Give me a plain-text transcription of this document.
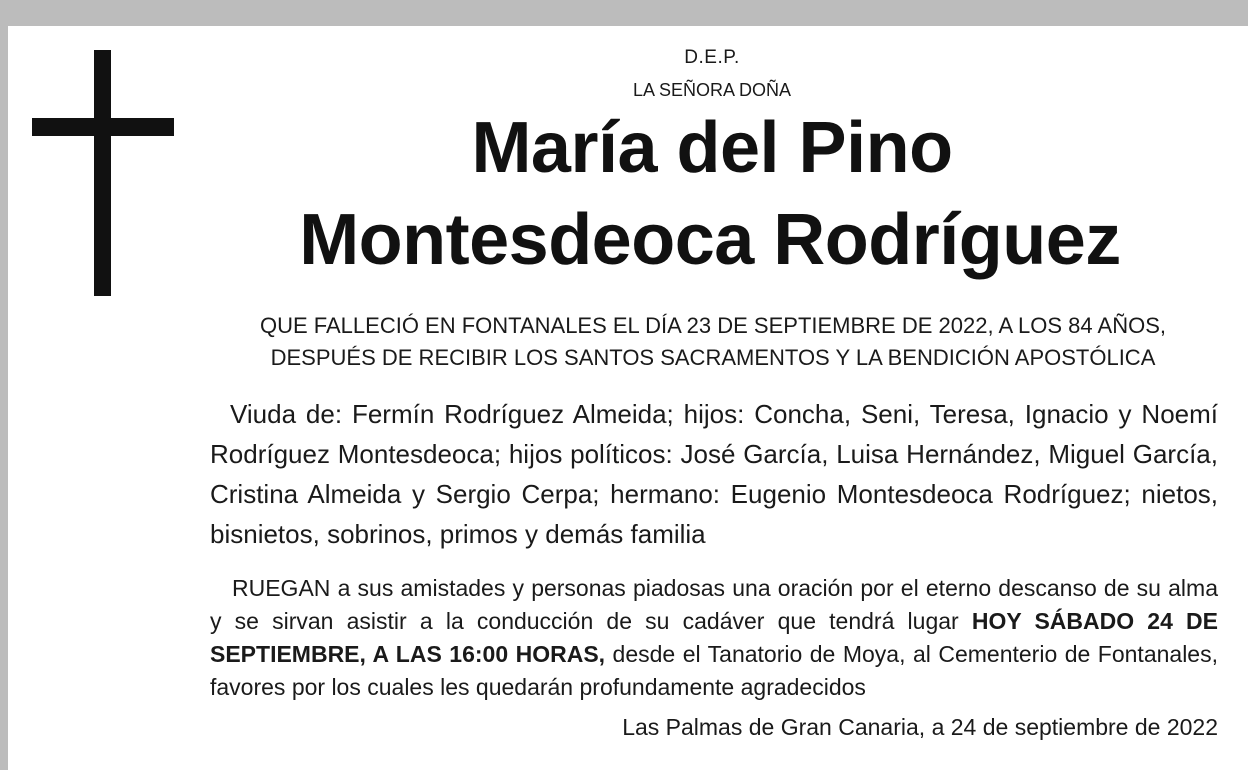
D.E.P.
LA SEÑORA DOÑA
María del Pino
Montesdeoca Rodríguez
QUE FALLECIÓ EN FONTANALES EL DÍA 23 DE SEPTIEMBRE DE 2022, A LOS 84 AÑOS,
DESPUÉS DE RECIBIR LOS SANTOS SACRAMENTOS Y LA BENDICIÓN APOSTÓLICA
Viuda de: Fermín Rodríguez Almeida; hijos: Concha, Seni, Teresa, Ignacio y Noemí Rodríguez Montesdeoca; hijos políticos: José García, Luisa Hernández, Miguel García, Cristina Almeida y Sergio Cerpa; hermano: Eugenio Montesdeoca Rodríguez; nietos, bisnietos, sobrinos, primos y demás familia
RUEGAN a sus amistades y personas piadosas una oración por el eterno descanso de su alma y se sirvan asistir a la conducción de su cadáver que tendrá lugar HOY SÁBADO 24 DE SEPTIEMBRE, A LAS 16:00 HORAS, desde el Tanatorio de Moya, al Cementerio de Fontanales, favores por los cuales les quedarán profundamente agradecidos
Las Palmas de Gran Canaria, a 24 de septiembre de 2022
